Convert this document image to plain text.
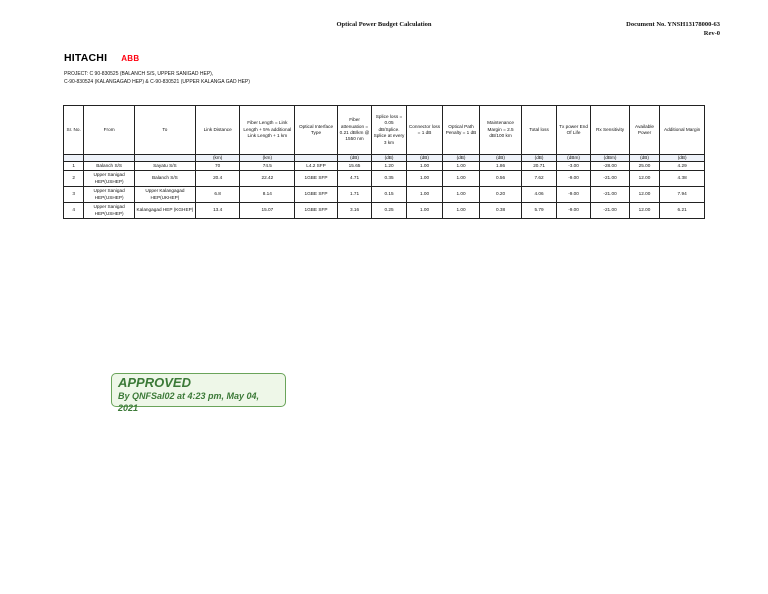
Optical Power Budget Calculation	Document No. YNSH13178000-63
Rev-0
HITACHI ABB
PROJECT: C 90-830525 (BALANCH S/S, UPPER SANIGAD HEP),
C-90-830524 (KALANGAGAD HEP) & C-90-830521 (UPPER KALANGA GAD HEP)
Sr. No.	From	To	Link Distance	Fiber Length = Link Length + 5% additional Link Length + 1 km	Optical Interface Type	Fiber attenuation = 0.21 dB/km @ 1550 nm	Splice loss = 0.05 dB/Splice. Splice at every 3 km	Connector loss = 1 dB	Optical Path Penalty = 1 dB	Maintenance Margin = 2.5 dB/100 km	Total loss	Tx power End Of Life	Rx Sensitivity	Available Power	Additional Margin
			(km)	(km)		(dB)	(dB)	(dB)	(dB)	(dB)	(dB)	(dBm)	(dBm)	(dB)	(dB)
1	Balanch S/S	Sayatu S/S	70	74.5	L4.2 SFP	15.65	1.20	1.00	1.00	1.86	20.71	-3.00	-28.00	25.00	4.29
2	Upper Sanigad HEP(USHEP)	Balanch S/S	20.4	22.42	1GBE SFP	4.71	0.35	1.00	1.00	0.56	7.62	-9.00	-21.00	12.00	4.38
3	Upper Sanigad HEP(USHEP)	Upper Kalangagad HEP(UKHEP)	6.8	8.14	1GBE SFP	1.71	0.15	1.00	1.00	0.20	4.06	-9.00	-21.00	12.00	7.94
4	Upper Sanigad HEP(USHEP)	Kalangagad HEP (KGHEP)	13.4	15.07	1GBE SFP	3.16	0.25	1.00	1.00	0.38	5.79	-9.00	-21.00	12.00	6.21
APPROVED
By QNFSal02 at 4:23 pm, May 04, 2021
